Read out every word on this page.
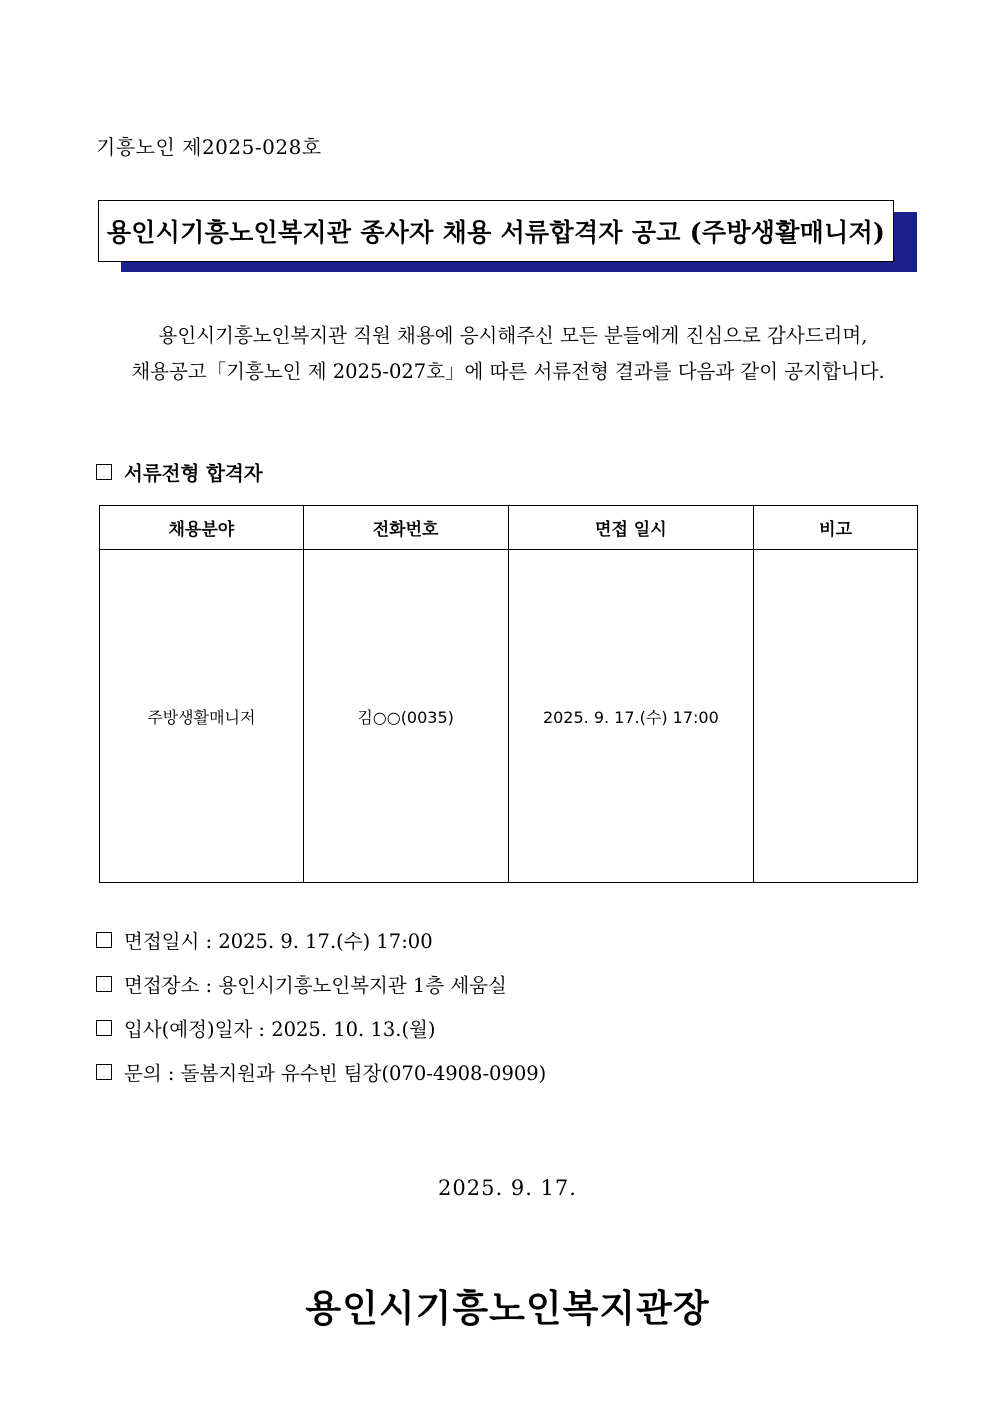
기흥노인 제2025-028호
용인시기흥노인복지관 종사자 채용 서류합격자 공고 (주방생활매니저)
용인시기흥노인복지관 직원 채용에 응시해주신 모든 분들에게 진심으로 감사드리며,
채용공고「기흥노인 제 2025-027호」에 따른 서류전형 결과를 다음과 같이 공지합니다.
서류전형 합격자
채용분야	전화번호	면접 일시	비고
주방생활매니저	김○○(0035)	2025. 9. 17.(수) 17:00	
면접일시 : 2025. 9. 17.(수) 17:00
면접장소 : 용인시기흥노인복지관 1층 세움실
입사(예정)일자 : 2025. 10. 13.(월)
문의 : 돌봄지원과 유수빈 팀장(070-4908-0909)
2025. 9. 17.
용인시기흥노인복지관장
